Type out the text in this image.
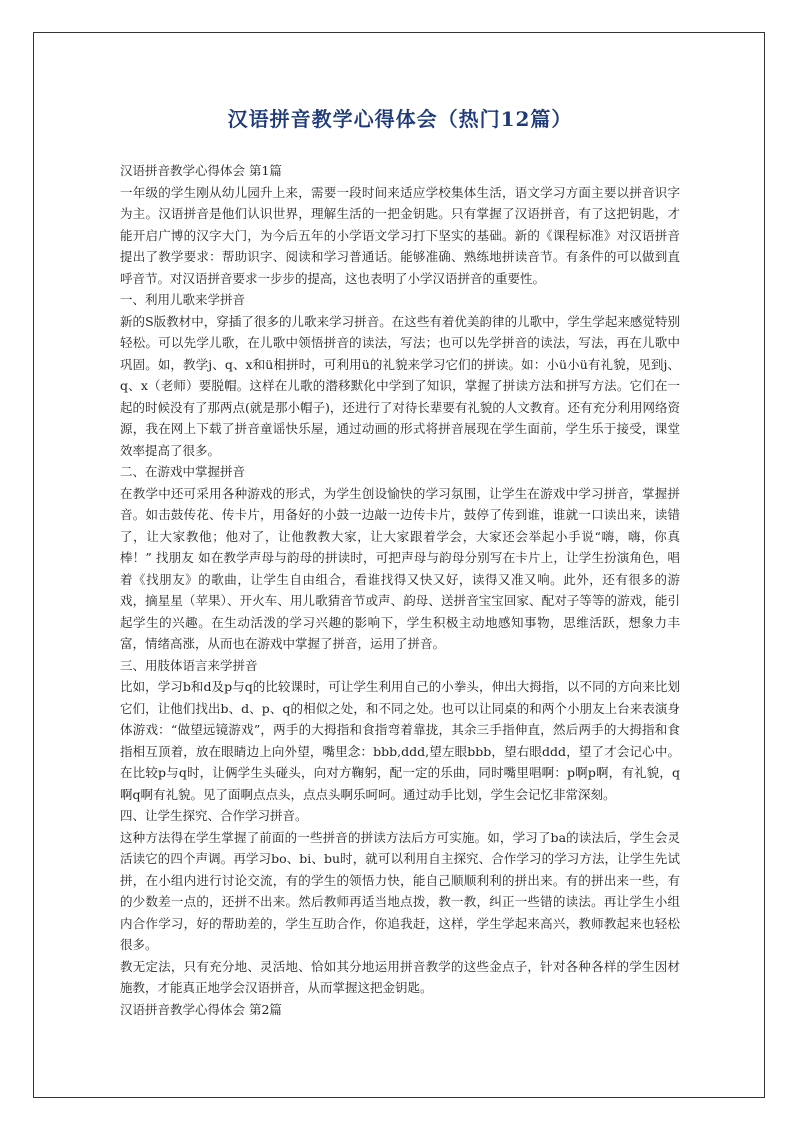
汉语拼音教学心得体会（热门12篇）

汉语拼音教学心得体会 第1篇

一年级的学生刚从幼儿园升上来，需要一段时间来适应学校集体生活，语文学习方面主要以拼音识字为主。汉语拼音是他们认识世界，理解生活的一把金钥匙。只有掌握了汉语拼音，有了这把钥匙，才能开启广博的汉字大门，为今后五年的小学语文学习打下坚实的基础。新的《课程标准》对汉语拼音提出了教学要求：帮助识字、阅读和学习普通话。能够准确、熟练地拼读音节。有条件的可以做到直呼音节。对汉语拼音要求一步步的提高，这也表明了小学汉语拼音的重要性。

一、利用儿歌来学拼音

新的S版教材中，穿插了很多的儿歌来学习拼音。在这些有着优美韵律的儿歌中，学生学起来感觉特别轻松。可以先学儿歌，在儿歌中领悟拼音的读法，写法；也可以先学拼音的读法，写法，再在儿歌中巩固。如，教学j、q、x和ü相拼时，可利用ü的礼貌来学习它们的拼读。如：小ü小ü有礼貌，见到j、q、x（老师）要脱帽。这样在儿歌的潜移默化中学到了知识，掌握了拼读方法和拼写方法。它们在一起的时候没有了那两点(就是那小帽子)，还进行了对待长辈要有礼貌的人文教育。还有充分利用网络资源，我在网上下载了拼音童谣快乐屋，通过动画的形式将拼音展现在学生面前，学生乐于接受，课堂效率提高了很多。

二、在游戏中掌握拼音

在教学中还可采用各种游戏的形式，为学生创设愉快的学习氛围，让学生在游戏中学习拼音，掌握拼音。如击鼓传花、传卡片，用备好的小鼓一边敲一边传卡片，鼓停了传到谁，谁就一口读出来，读错了，让大家教他；他对了，让他教教大家，让大家跟着学会，大家还会举起小手说“嗨，嗨，你真棒！” 找朋友 如在教学声母与韵母的拼读时，可把声母与韵母分别写在卡片上，让学生扮演角色，唱着《找朋友》的歌曲，让学生自由组合，看谁找得又快又好，读得又准又响。此外，还有很多的游戏，摘星星（苹果）、开火车、用儿歌猜音节或声、韵母、送拼音宝宝回家、配对子等等的游戏，能引起学生的兴趣。在生动活泼的学习兴趣的影响下，学生积极主动地感知事物，思维活跃，想象力丰富，情绪高涨，从而也在游戏中掌握了拼音，运用了拼音。

三、用肢体语言来学拼音

比如，学习b和d及p与q的比较课时，可让学生利用自己的小拳头，伸出大拇指，以不同的方向来比划它们，让他们找出b、d、p、q的相似之处，和不同之处。也可以让同桌的和两个小朋友上台来表演身体游戏：“做望远镜游戏”，两手的大拇指和食指弯着靠拢，其余三手指伸直，然后两手的大拇指和食指相互顶着，放在眼睛边上向外望，嘴里念：bbb,ddd,望左眼bbb，望右眼ddd，望了才会记心中。在比较p与q时，让俩学生头碰头，向对方鞠躬，配一定的乐曲，同时嘴里唱啊：p啊p啊，有礼貌，q啊q啊有礼貌。见了面啊点点头，点点头啊乐呵呵。通过动手比划，学生会记忆非常深刻。

四、让学生探究、合作学习拼音。

这种方法得在学生掌握了前面的一些拼音的拼读方法后方可实施。如，学习了ba的读法后，学生会灵活读它的四个声调。再学习bo、bi、bu时，就可以利用自主探究、合作学习的学习方法，让学生先试拼，在小组内进行讨论交流，有的学生的领悟力快，能自己顺顺利利的拼出来。有的拼出来一些，有的少数差一点的，还拼不出来。然后教师再适当地点拨，教一教，纠正一些错的读法。再让学生小组内合作学习，好的帮助差的，学生互助合作，你追我赶，这样，学生学起来高兴，教师教起来也轻松很多。

教无定法，只有充分地、灵活地、恰如其分地运用拼音教学的这些金点子，针对各种各样的学生因材施教，才能真正地学会汉语拼音，从而掌握这把金钥匙。

汉语拼音教学心得体会 第2篇
